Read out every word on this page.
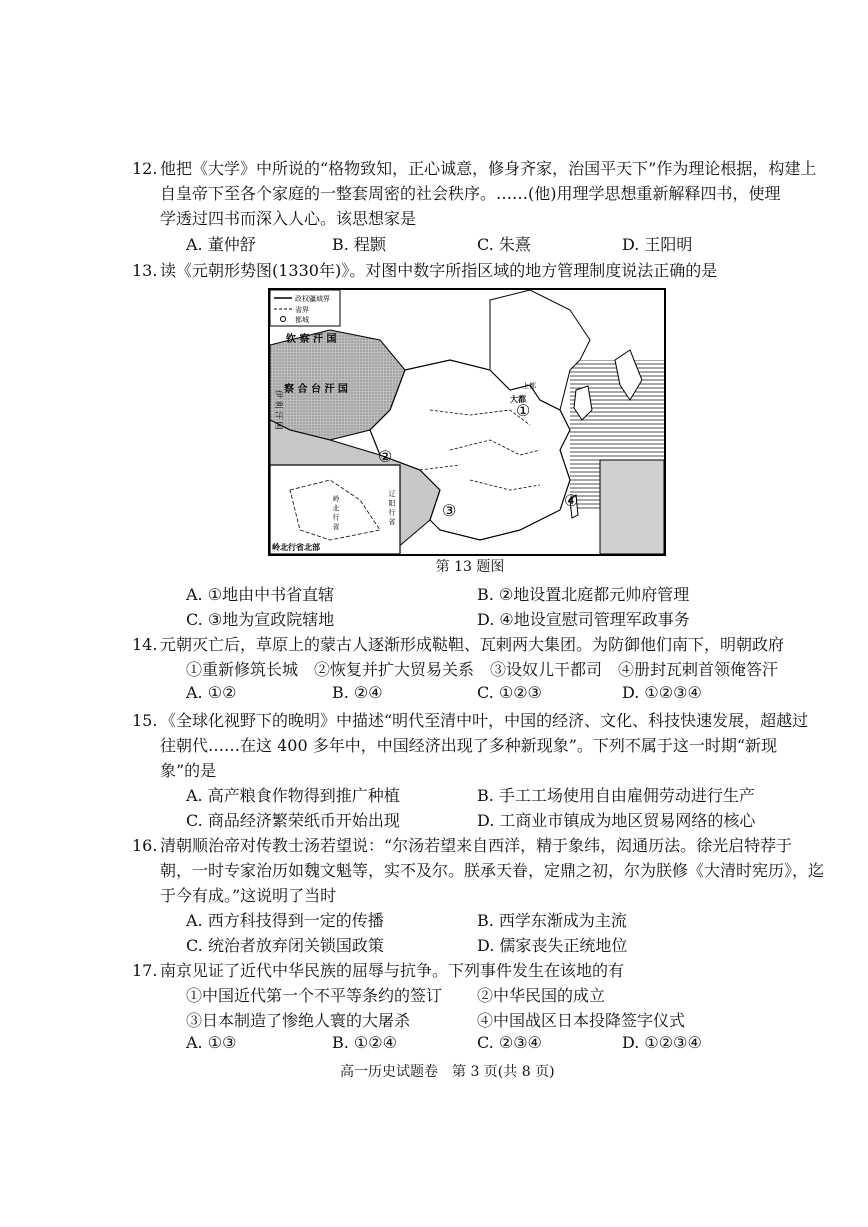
12. 他把《大学》中所说的“格物致知，正心诚意，修身齐家，治国平天下”作为理论根据，构建上
自皇帝下至各个家庭的一整套周密的社会秩序。……(他)用理学思想重新解释四书，使理
学透过四书而深入人心。该思想家是
A. 董仲舒	B. 程颢	C. 朱熹	D. 王阳明
13. 读《元朝形势图(1330年)》。对图中数字所指区域的地方管理制度说法正确的是
政权疆域界
省界
都城
钦 察 汗 国
察 合 台 汗 国
伊 利 汗 国
上都
大都
岭北行省北部
岭 北 行 省	辽 阳 行 省
①
②
③
④
第 13 题图
A. ①地由中书省直辖	B. ②地设置北庭都元帅府管理
C. ③地为宣政院辖地	D. ④地设宣慰司管理军政事务
14. 元朝灭亡后，草原上的蒙古人逐渐形成鞑靼、瓦剌两大集团。为防御他们南下，明朝政府
①重新修筑长城　②恢复并扩大贸易关系　③设奴儿干都司　④册封瓦剌首领俺答汗
A. ①②	B. ②④	C. ①②③	D. ①②③④
15. 《全球化视野下的晚明》中描述“明代至清中叶，中国的经济、文化、科技快速发展，超越过
往朝代……在这 400 多年中，中国经济出现了多种新现象”。下列不属于这一时期“新现
象”的是
A. 高产粮食作物得到推广种植	B. 手工工场使用自由雇佣劳动进行生产
C. 商品经济繁荣纸币开始出现	D. 工商业市镇成为地区贸易网络的核心
16. 清朝顺治帝对传教士汤若望说：“尔汤若望来自西洋，精于象纬，闳通历法。徐光启特荐于
朝，一时专家治历如魏文魁等，实不及尔。朕承天眷，定鼎之初，尔为朕修《大清时宪历》，迄
于今有成。”这说明了当时
A. 西方科技得到一定的传播	B. 西学东渐成为主流
C. 统治者放弃闭关锁国政策	D. 儒家丧失正统地位
17. 南京见证了近代中华民族的屈辱与抗争。下列事件发生在该地的有
①中国近代第一个不平等条约的签订 ②中华民国的成立
③日本制造了惨绝人寰的大屠杀	④中国战区日本投降签字仪式
A. ①③	B. ①②④	C. ②③④	D. ①②③④
高一历史试题卷　第 3 页(共 8 页)
